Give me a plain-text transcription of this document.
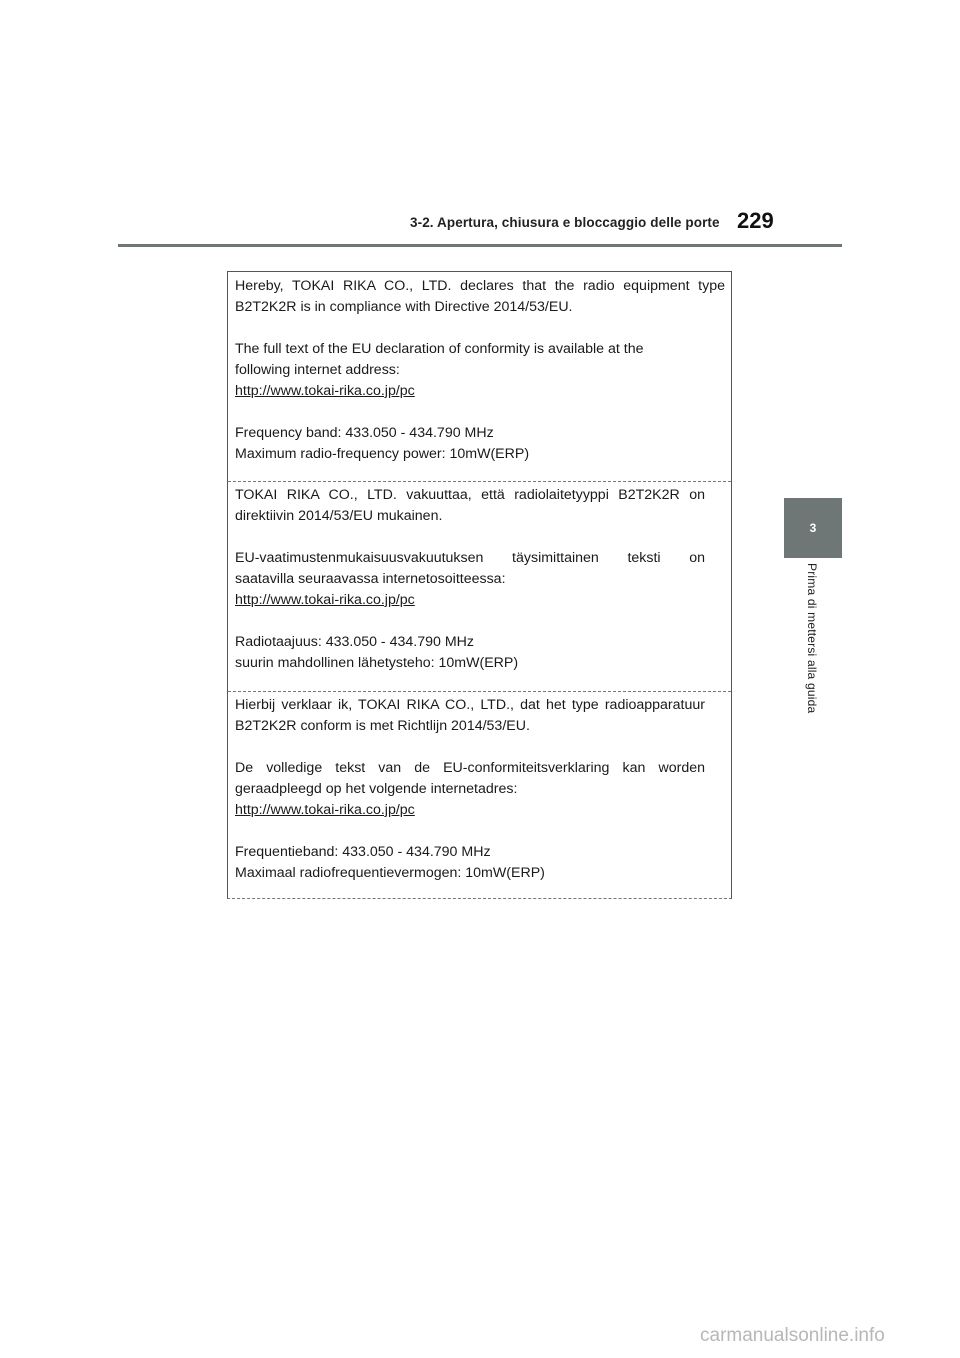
3-2. Apertura, chiusura e bloccaggio delle porte 229
3
Prima di mettersi alla guida

Hereby, TOKAI RIKA CO., LTD. declares that the radio equipment type B2T2K2R is in compliance with Directive 2014/53/EU.

The full text of the EU declaration of conformity is available at the

following internet address:

http://www.tokai-rika.co.jp/pc

Frequency band: 433.050 - 434.790 MHz

Maximum radio-frequency power: 10mW(ERP)

TOKAI RIKA CO., LTD. vakuuttaa, että radiolaitetyyppi B2T2K2R on direktiivin 2014/53/EU mukainen.

EU-vaatimustenmukaisuusvakuutuksen täysimittainen teksti on

saatavilla seuraavassa internetosoitteessa:

http://www.tokai-rika.co.jp/pc

Radiotaajuus: 433.050 - 434.790 MHz

suurin mahdollinen lähetysteho: 10mW(ERP)

Hierbij verklaar ik, TOKAI RIKA CO., LTD., dat het type radioapparatuur B2T2K2R conform is met Richtlijn 2014/53/EU.

De volledige tekst van de EU-conformiteitsverklaring kan worden

geraadpleegd op het volgende internetadres:

http://www.tokai-rika.co.jp/pc

Frequentieband: 433.050 - 434.790 MHz

Maximaal radiofrequentievermogen: 10mW(ERP)

carmanualsonline.info
